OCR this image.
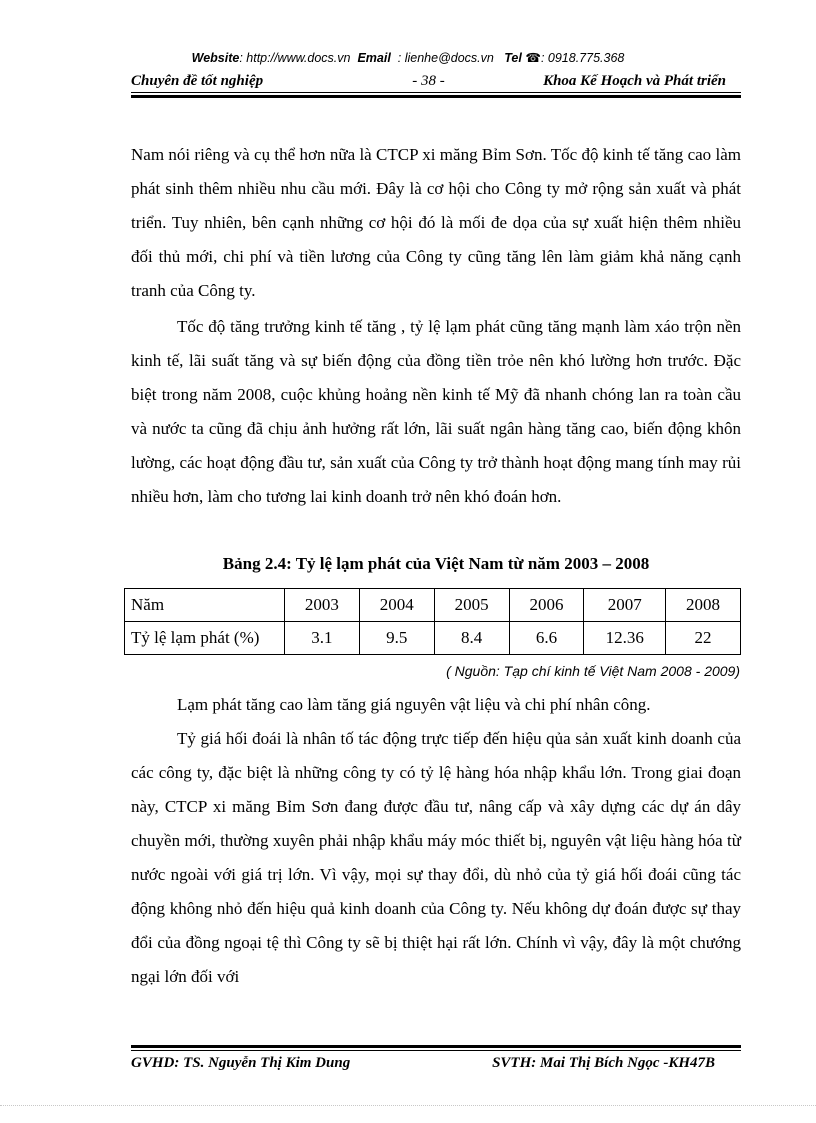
Website: http://www.docs.vn Email : lienhe@docs.vn Tel ☎: 0918.775.368
Chuyên đề tốt nghiệp	- 38 -	Khoa Kế Hoạch và Phát triển

Nam nói riêng và cụ thể hơn nữa là CTCP xi măng Bỉm Sơn. Tốc độ kinh tế tăng cao làm phát sinh thêm nhiều nhu cầu mới. Đây là cơ hội cho Công ty mở rộng sản xuất và phát triển. Tuy nhiên, bên cạnh những cơ hội đó là mối đe dọa của sự xuất hiện thêm nhiều đối thủ mới, chi phí và tiền lương của Công ty cũng tăng lên làm giảm khả năng cạnh tranh của Công ty.

Tốc độ tăng trưởng kinh tế tăng , tỷ lệ lạm phát cũng tăng mạnh làm xáo trộn nền kinh tế, lãi suất tăng và sự biến động của đồng tiền trỏe nên khó lường hơn trước. Đặc biệt trong năm 2008, cuộc khủng hoảng nền kinh tế Mỹ đã nhanh chóng lan ra toàn cầu và nước ta cũng đã chịu ảnh hưởng rất lớn, lãi suất ngân hàng tăng cao, biến động khôn lường, các hoạt động đầu tư, sản xuất của Công ty trở thành hoạt động mang tính may rủi nhiều hơn, làm cho tương lai kinh doanh trở nên khó đoán hơn.

Bảng 2.4: Tỷ lệ lạm phát của Việt Nam từ năm 2003 – 2008
Năm	2003	2004	2005	2006	2007	2008
Tỷ lệ lạm phát (%)	3.1	9.5	8.4	6.6	12.36	22
( Nguồn: Tạp chí kinh tế Việt Nam 2008 - 2009)

Lạm phát tăng cao làm tăng giá nguyên vật liệu và chi phí nhân công.

Tỷ giá hối đoái là nhân tố tác động trực tiếp đến hiệu qủa sản xuất kinh doanh của các công ty, đặc biệt là những công ty có tỷ lệ hàng hóa nhập khẩu lớn. Trong giai đoạn này, CTCP xi măng Bỉm Sơn đang được đầu tư, nâng cấp và xây dựng các dự án dây chuyền mới, thường xuyên phải nhập khẩu máy móc thiết bị, nguyên vật liệu hàng hóa từ nước ngoài với giá trị lớn. Vì vậy, mọi sự thay đổi, dù nhỏ của tỷ giá hối đoái cũng tác động không nhỏ đến hiệu quả kinh doanh của Công ty. Nếu không dự đoán được sự thay đổi của đồng ngoại tệ thì Công ty sẽ bị thiệt hại rất lớn. Chính vì vậy, đây là một chướng ngại lớn đối với

GVHD: TS. Nguyễn Thị Kim Dung	SVTH: Mai Thị Bích Ngọc -KH47B
